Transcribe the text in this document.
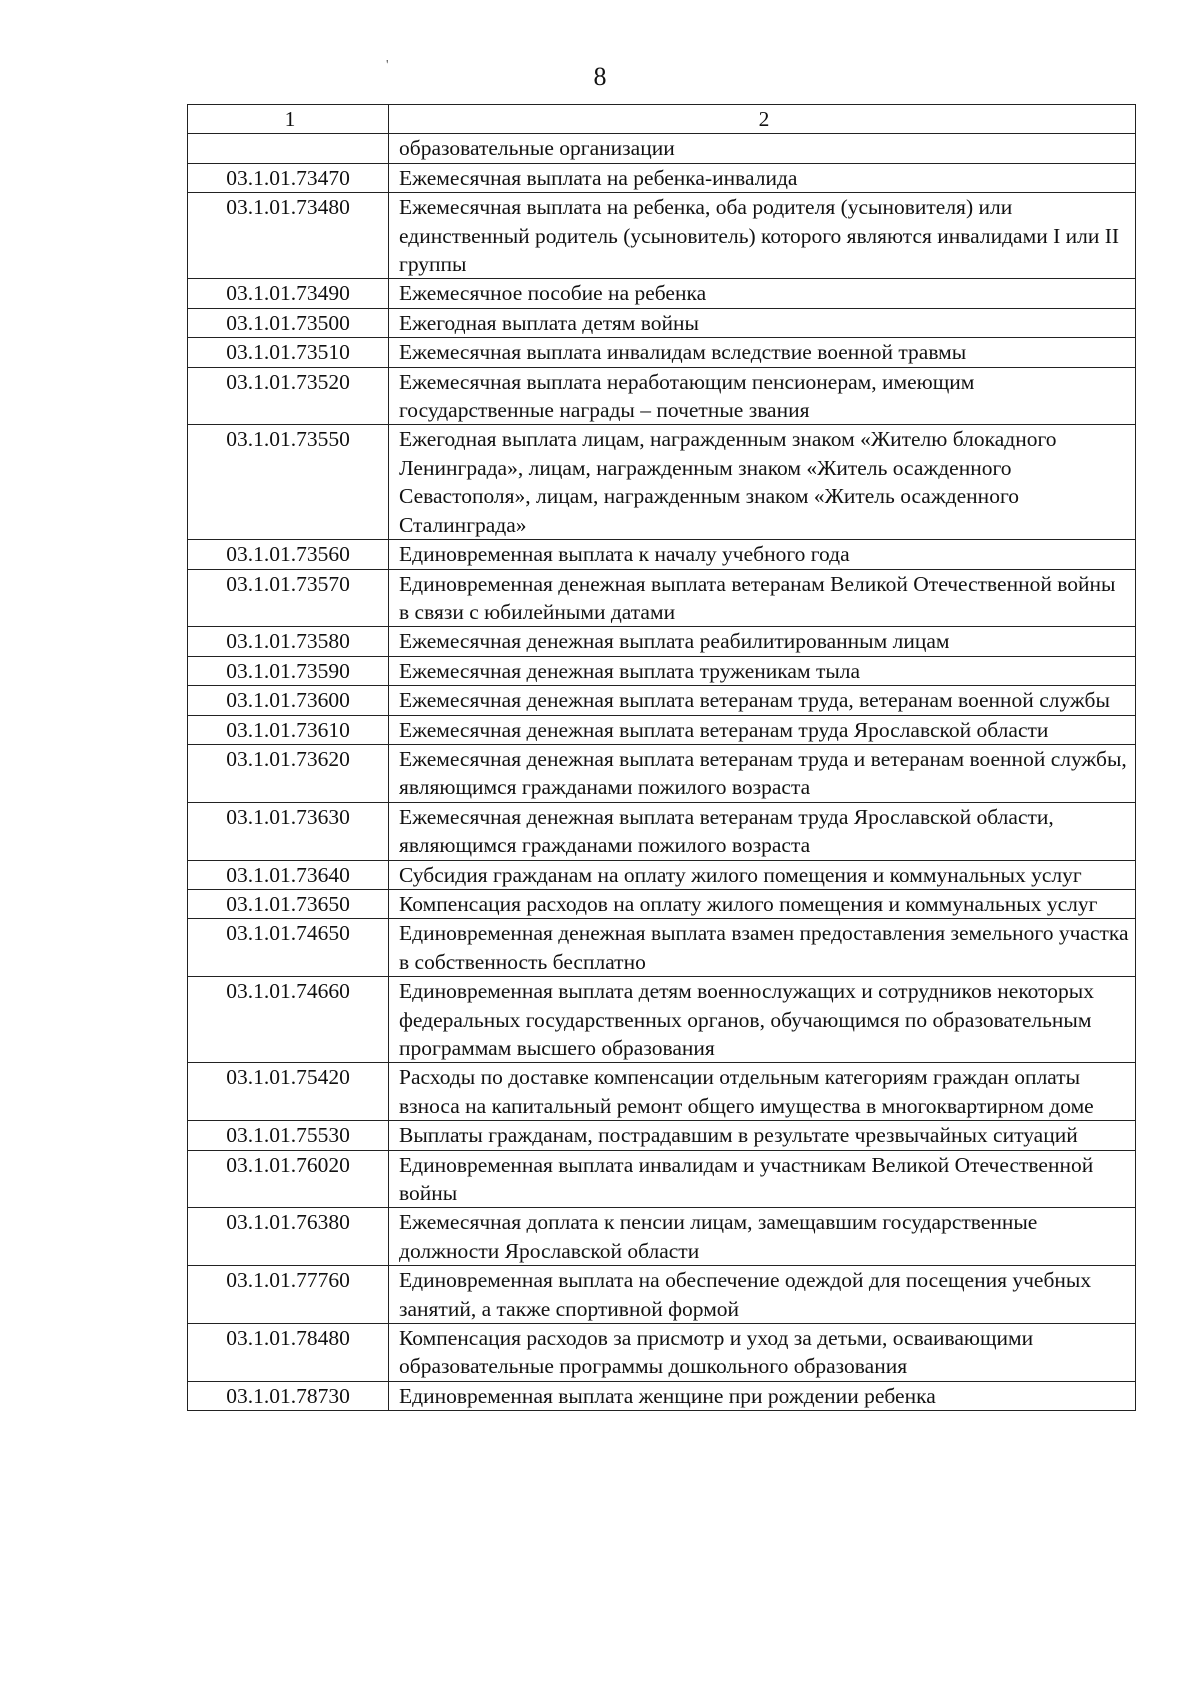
'	8
1	2
	образовательные организации
03.1.01.73470	Ежемесячная выплата на ребенка-инвалида
03.1.01.73480	Ежемесячная выплата на ребенка, оба родителя (усыновителя) или единственный родитель (усыновитель) которого являются инвалидами I или II группы
03.1.01.73490	Ежемесячное пособие на ребенка
03.1.01.73500	Ежегодная выплата детям войны
03.1.01.73510	Ежемесячная выплата инвалидам вследствие военной травмы
03.1.01.73520	Ежемесячная выплата неработающим пенсионерам, имеющим государственные награды – почетные звания
03.1.01.73550	Ежегодная выплата лицам, награжденным знаком «Жителю блокадного Ленинграда», лицам, награжденным знаком «Житель осажденного Севастополя», лицам, награжденным знаком «Житель осажденного Сталинграда»
03.1.01.73560	Единовременная выплата к началу учебного года
03.1.01.73570	Единовременная денежная выплата ветеранам Великой Отечественной войны в связи с юбилейными датами
03.1.01.73580	Ежемесячная денежная выплата реабилитированным лицам
03.1.01.73590	Ежемесячная денежная выплата труженикам тыла
03.1.01.73600	Ежемесячная денежная выплата ветеранам труда, ветеранам военной службы
03.1.01.73610	Ежемесячная денежная выплата ветеранам труда Ярославской области
03.1.01.73620	Ежемесячная денежная выплата ветеранам труда и ветеранам военной службы, являющимся гражданами пожилого возраста
03.1.01.73630	Ежемесячная денежная выплата ветеранам труда Ярославской области, являющимся гражданами пожилого возраста
03.1.01.73640	Субсидия гражданам на оплату жилого помещения и коммунальных услуг
03.1.01.73650	Компенсация расходов на оплату жилого помещения и коммунальных услуг
03.1.01.74650	Единовременная денежная выплата взамен предоставления земельного участка в собственность бесплатно
03.1.01.74660	Единовременная выплата детям военнослужащих и сотрудников некоторых федеральных государственных органов, обучающимся по образовательным программам высшего образования
03.1.01.75420	Расходы по доставке компенсации отдельным категориям граждан оплаты взноса на капитальный ремонт общего имущества в многоквартирном доме
03.1.01.75530	Выплаты гражданам, пострадавшим в результате чрезвычайных ситуаций
03.1.01.76020	Единовременная выплата инвалидам и участникам Великой Отечественной войны
03.1.01.76380	Ежемесячная доплата к пенсии лицам, замещавшим государственные должности Ярославской области
03.1.01.77760	Единовременная выплата на обеспечение одеждой для посещения учебных занятий, а также спортивной формой
03.1.01.78480	Компенсация расходов за присмотр и уход за детьми, осваивающими образовательные программы дошкольного образования
03.1.01.78730	Единовременная выплата женщине при рождении ребенка
